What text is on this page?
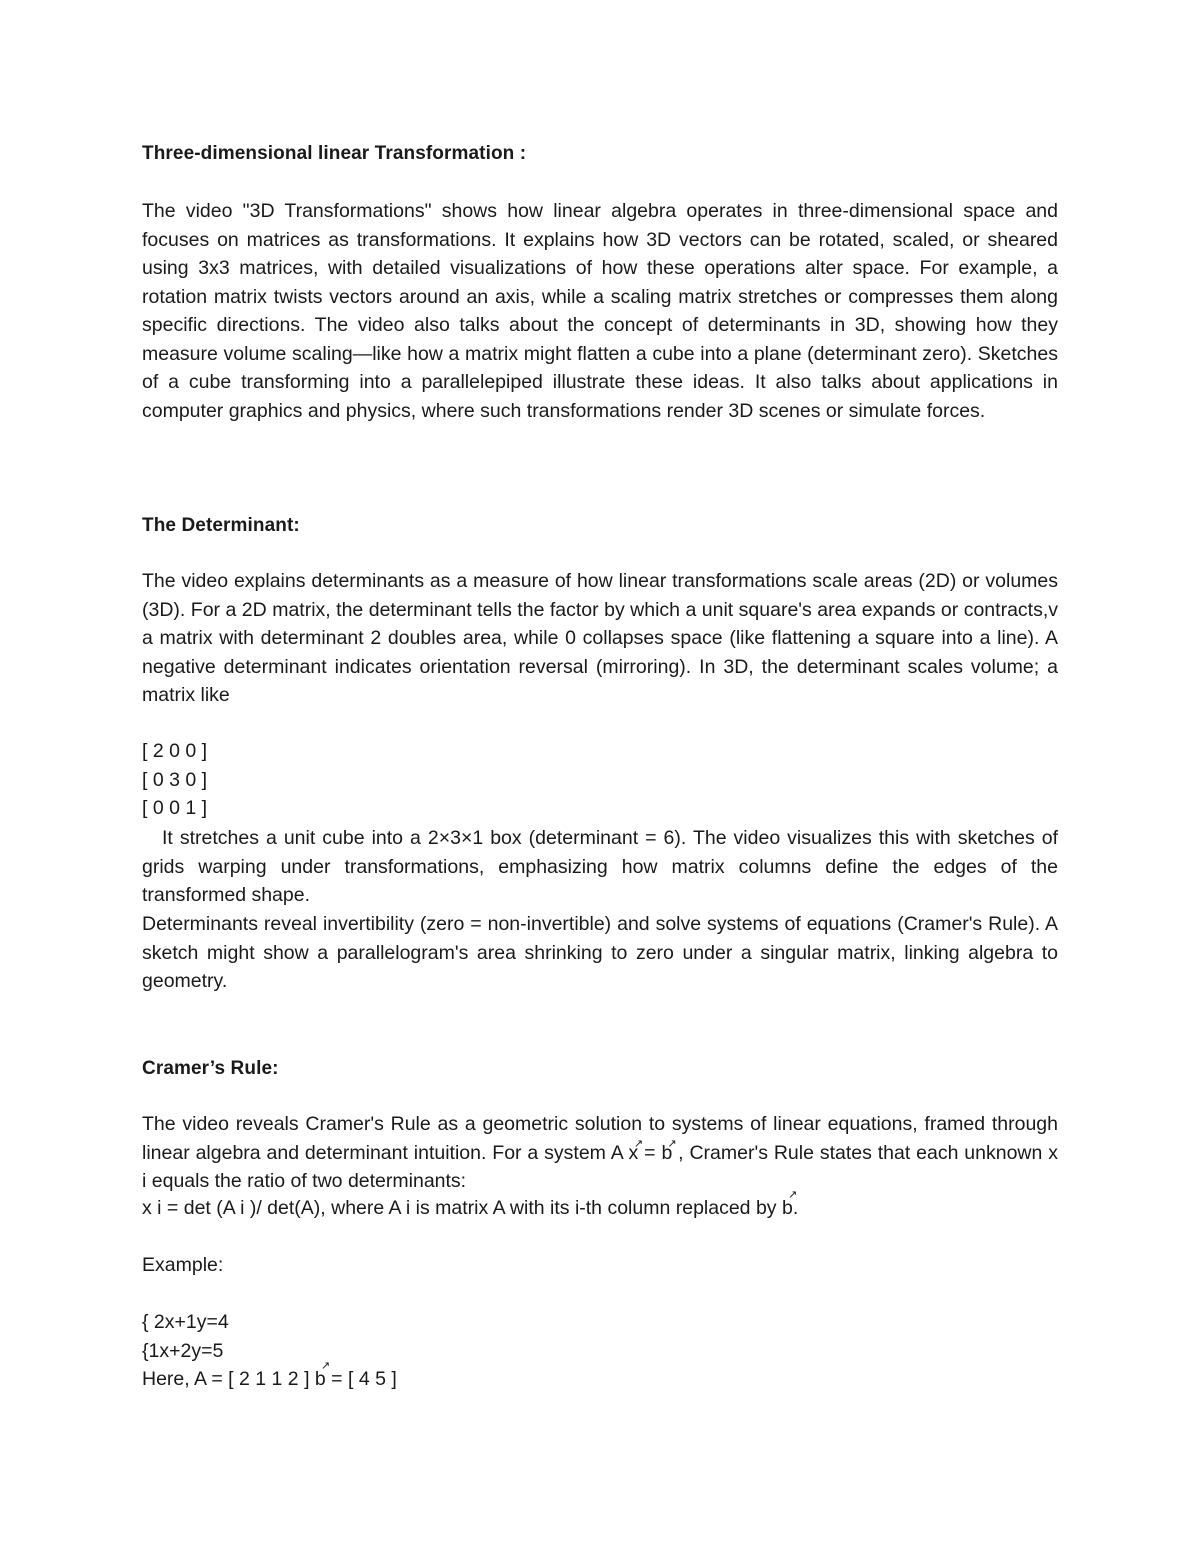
Three-dimensional linear Transformation :
The video "3D Transformations" shows how linear algebra operates in three-dimensional space and focuses on matrices as transformations. It explains how 3D vectors can be rotated, scaled, or sheared using 3x3 matrices, with detailed visualizations of how these operations alter space. For example, a rotation matrix twists vectors around an axis, while a scaling matrix stretches or compresses them along specific directions. The video also talks about the concept of determinants in 3D, showing how they measure volume scaling—like how a matrix might flatten a cube into a plane (determinant zero). Sketches of a cube transforming into a parallelepiped illustrate these ideas. It also talks about applications in computer graphics and physics, where such transformations render 3D scenes or simulate forces.
The Determinant:
The video explains determinants as a measure of how linear transformations scale areas (2D) or volumes (3D). For a 2D matrix, the determinant tells the factor by which a unit square's area expands or contracts,v a matrix with determinant 2 doubles area, while 0 collapses space (like flattening a square into a line). A negative determinant indicates orientation reversal (mirroring). In 3D, the determinant scales volume; a matrix like
[ 2 0 0 ]
[ 0 3 0 ]
[ 0 0 1 ]
It stretches a unit cube into a 2×3×1 box (determinant = 6). The video visualizes this with sketches of grids warping under transformations, emphasizing how matrix columns define the edges of the transformed shape.
Determinants reveal invertibility (zero = non-invertible) and solve systems of equations (Cramer's Rule). A sketch might show a parallelogram's area shrinking to zero under a singular matrix, linking algebra to geometry.
Cramer’s Rule:
The video reveals Cramer's Rule as a geometric solution to systems of linear equations, framed through linear algebra and determinant intuition. For a system A x ↗ = b ↗ , Cramer's Rule states that each unknown x i equals the ratio of two determinants:
x i = det (A i )/ det(A), where A i is matrix A with its i-th column replaced by b ↗.
Example:
{ 2x+1y=4
{1x+2y=5
Here, A = [ 2 1 1 2 ] b ↗ = [ 4 5 ]
